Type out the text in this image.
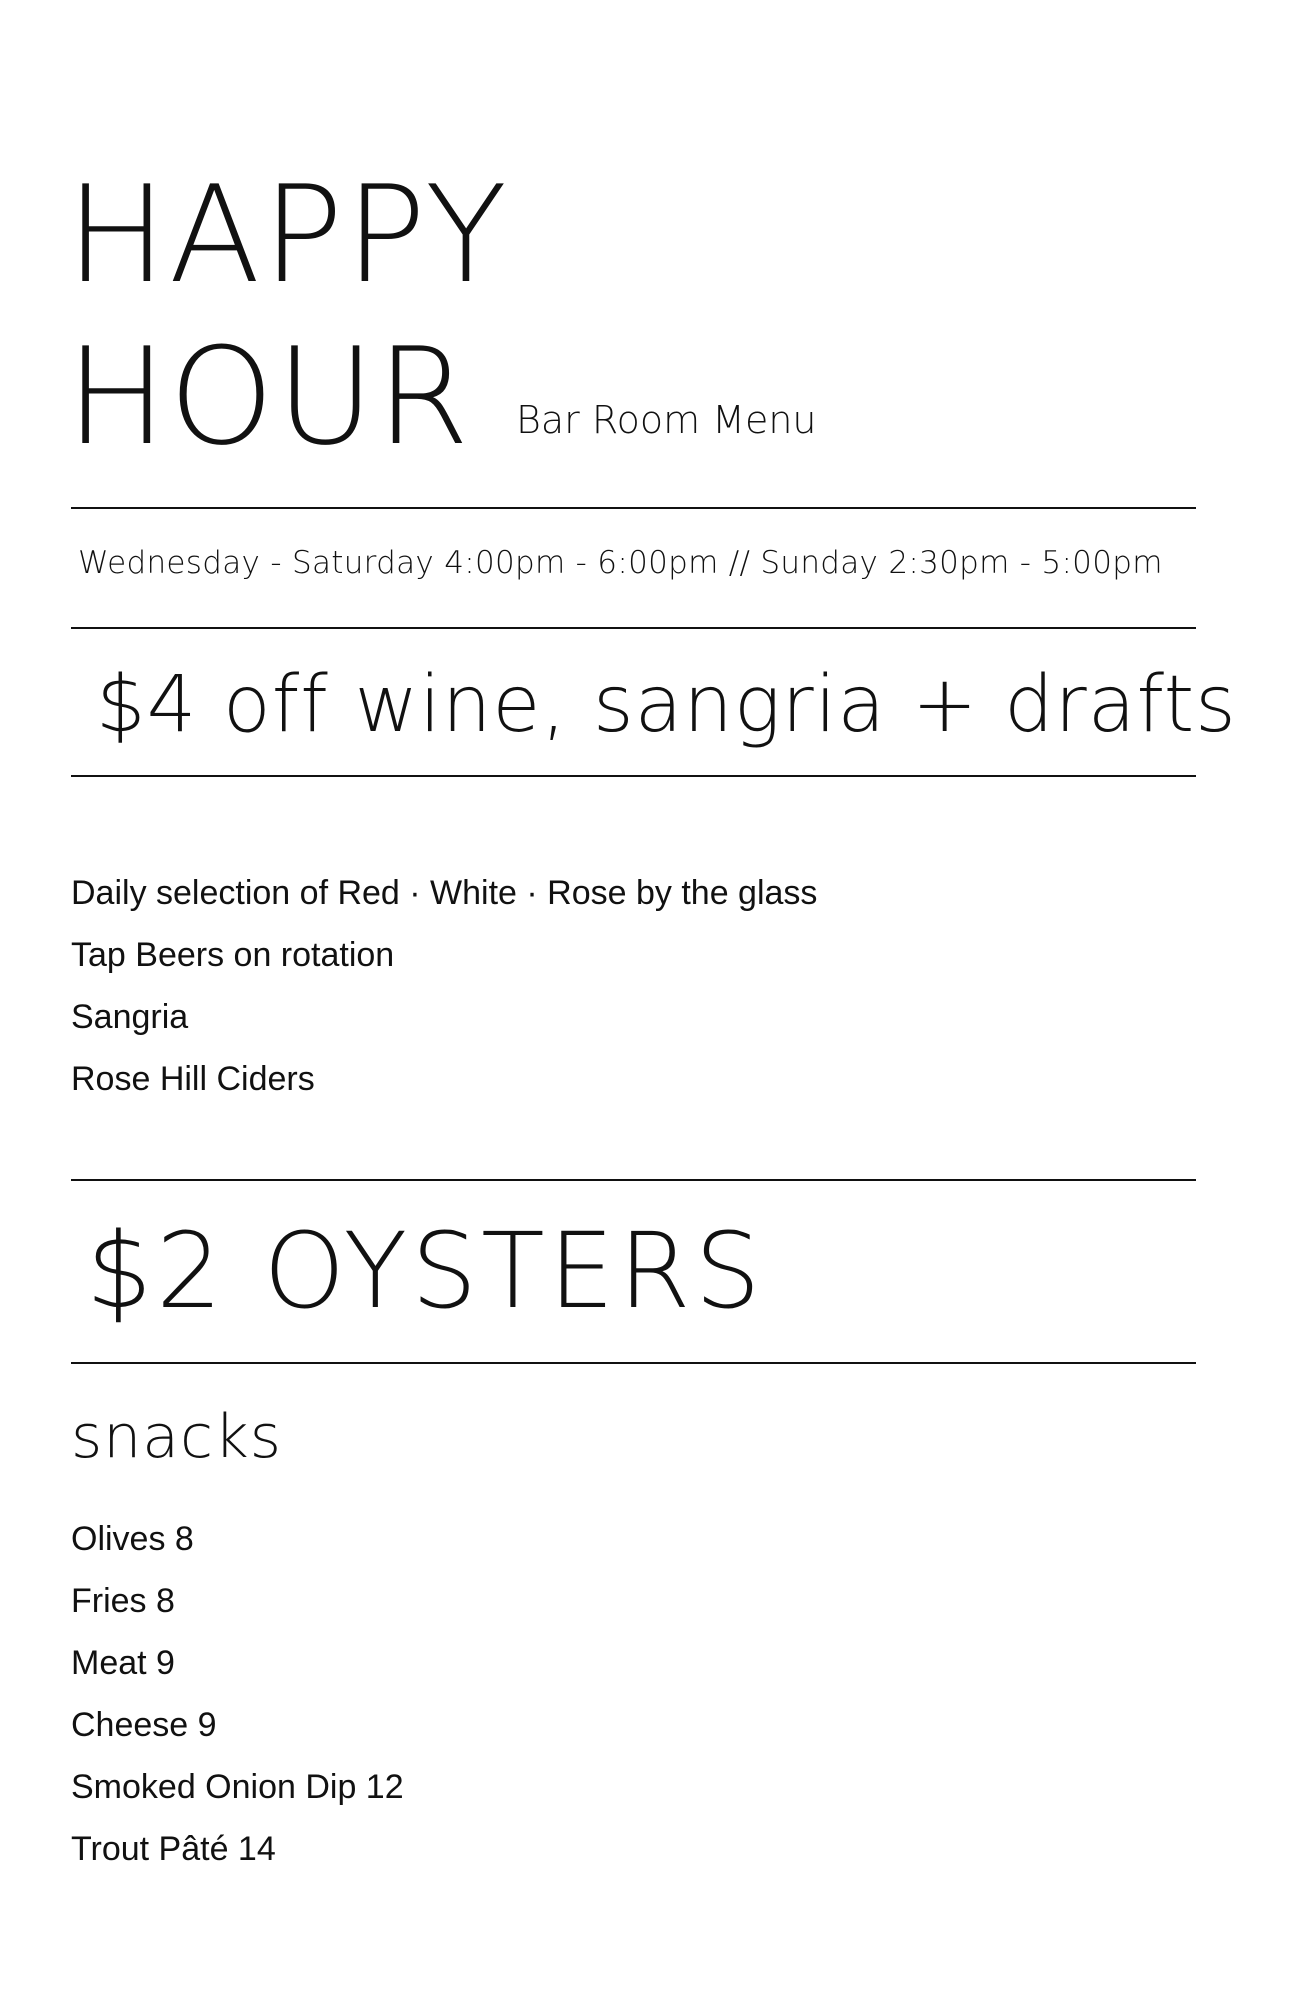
HAPPY
HOUR Bar Room Menu
Wednesday - Saturday 4:00pm - 6:00pm // Sunday 2:30pm - 5:00pm
$4 off wine, sangria + drafts
Daily selection of Red · White · Rose by the glass
Tap Beers on rotation
Sangria
Rose Hill Ciders
$2 OYSTERS
snacks
Olives 8
Fries 8
Meat 9
Cheese 9
Smoked Onion Dip 12
Trout Pâté 14
